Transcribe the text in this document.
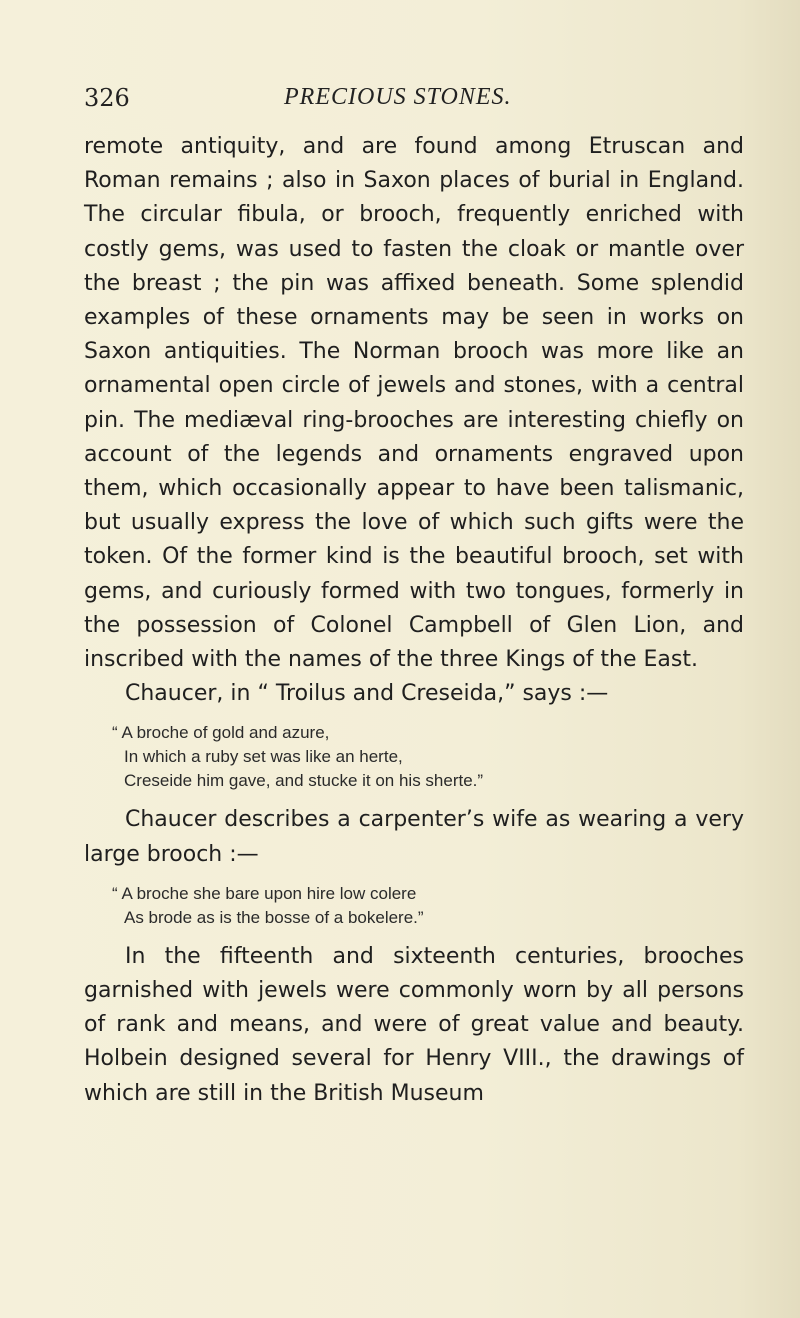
326	PRECIOUS STONES.

remote antiquity, and are found among Etruscan and Roman remains ; also in Saxon places of burial in England. The circular fibula, or brooch, frequently enriched with costly gems, was used to fasten the cloak or mantle over the breast ; the pin was affixed beneath. Some splendid examples of these ornaments may be seen in works on Saxon antiquities. The Norman brooch was more like an ornamental open circle of jewels and stones, with a central pin. The mediæval ring-brooches are interesting chiefly on account of the legends and ornaments engraved upon them, which occasionally appear to have been talismanic, but usually express the love of which such gifts were the token. Of the former kind is the beautiful brooch, set with gems, and curiously formed with two tongues, formerly in the possession of Colonel Campbell of Glen Lion, and inscribed with the names of the three Kings of the East.

Chaucer, in “ Troilus and Creseida,” says :—

“ A broche of gold and azure,
In which a ruby set was like an herte,
Creseide him gave, and stucke it on his sherte.”

Chaucer describes a carpenter’s wife as wearing a very large brooch :—

“ A broche she bare upon hire low colere
As brode as is the bosse of a bokelere.”

In the fifteenth and sixteenth centuries, brooches garnished with jewels were commonly worn by all persons of rank and means, and were of great value and beauty. Holbein designed several for Henry VIII., the drawings of which are still in the British Museum
